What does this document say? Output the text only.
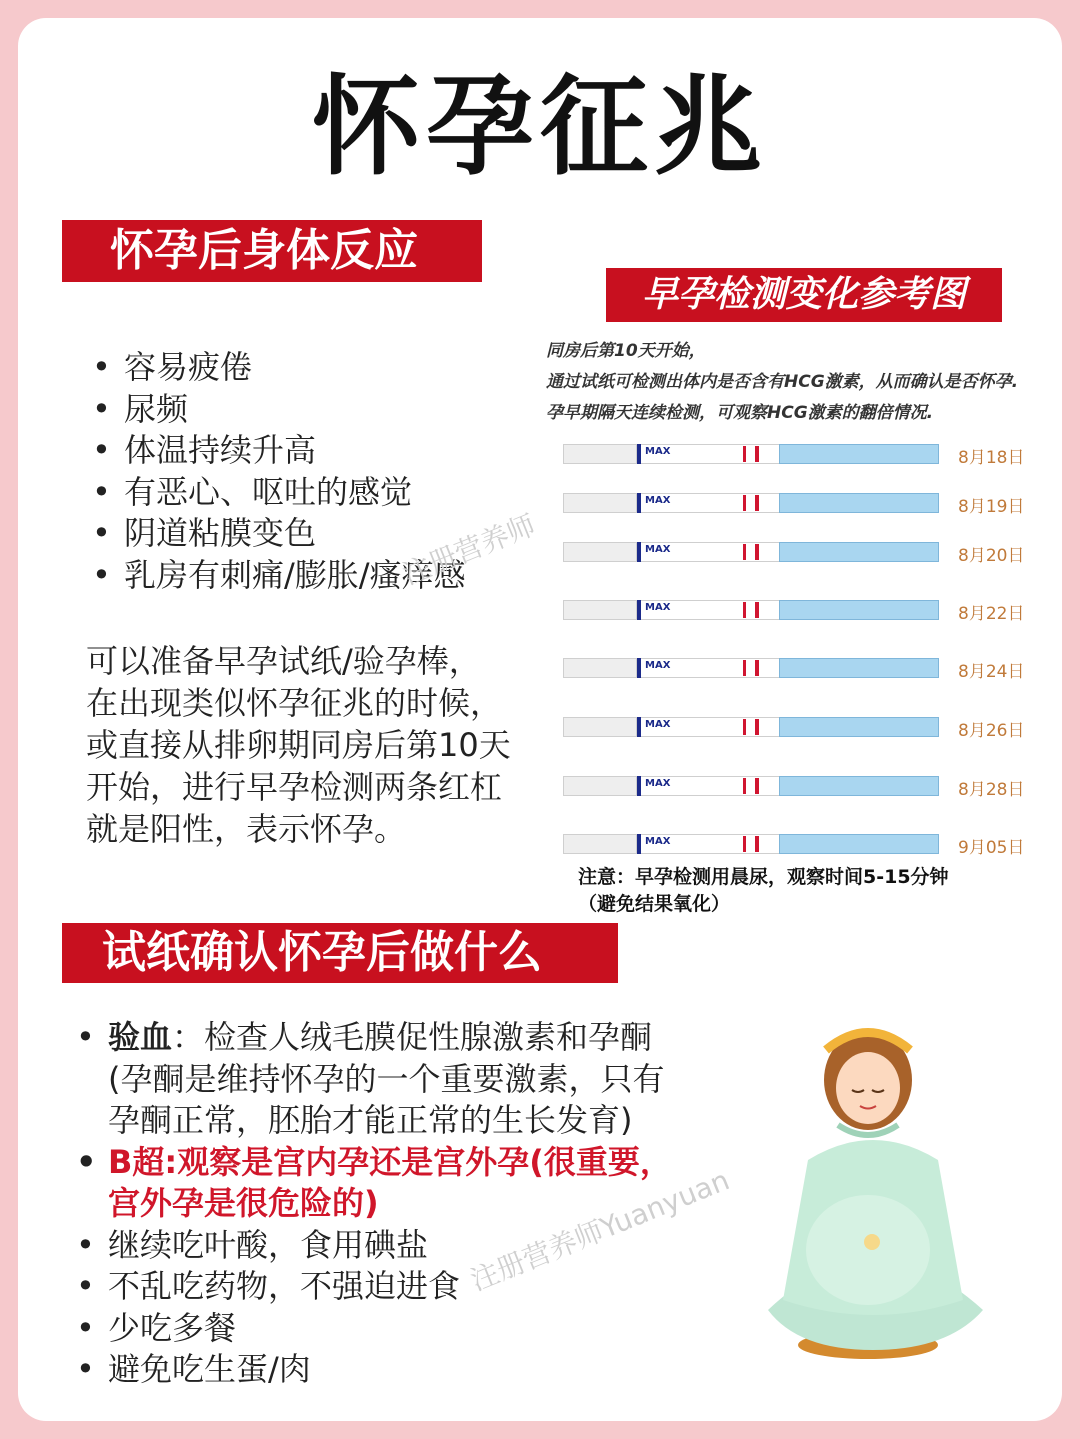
怀孕征兆
怀孕后身体反应
• 容易疲倦
• 尿频
• 体温持续升高
• 有恶心、呕吐的感觉
• 阴道粘膜变色
• 乳房有刺痛/膨胀/瘙痒感
可以准备早孕试纸/验孕棒，
在出现类似怀孕征兆的时候，
或直接从排卵期同房后第10天
开始，进行早孕检测两条红杠
就是阳性，表示怀孕。
早孕检测变化参考图
同房后第10天开始，
通过试纸可检测出体内是否含有HCG激素，从而确认是否怀孕.
孕早期隔天连续检测，可观察HCG激素的翻倍情况.
MAX	8月18日
MAX	8月19日
MAX	8月20日
MAX	8月22日
MAX	8月24日
MAX	8月26日
MAX	8月28日
MAX	9月05日
注意：早孕检测用晨尿，观察时间5-15分钟
（避免结果氧化）
试纸确认怀孕后做什么
• 验血：检查人绒毛膜促性腺激素和孕酮
(孕酮是维持怀孕的一个重要激素，只有
孕酮正常，胚胎才能正常的生长发育)
• B超:观察是宫内孕还是宫外孕(很重要，
宫外孕是很危险的)
• 继续吃叶酸，食用碘盐
• 不乱吃药物，不强迫进食
• 少吃多餐
• 避免吃生蛋/肉
注册营养师
注册营养师Yuanyuan
